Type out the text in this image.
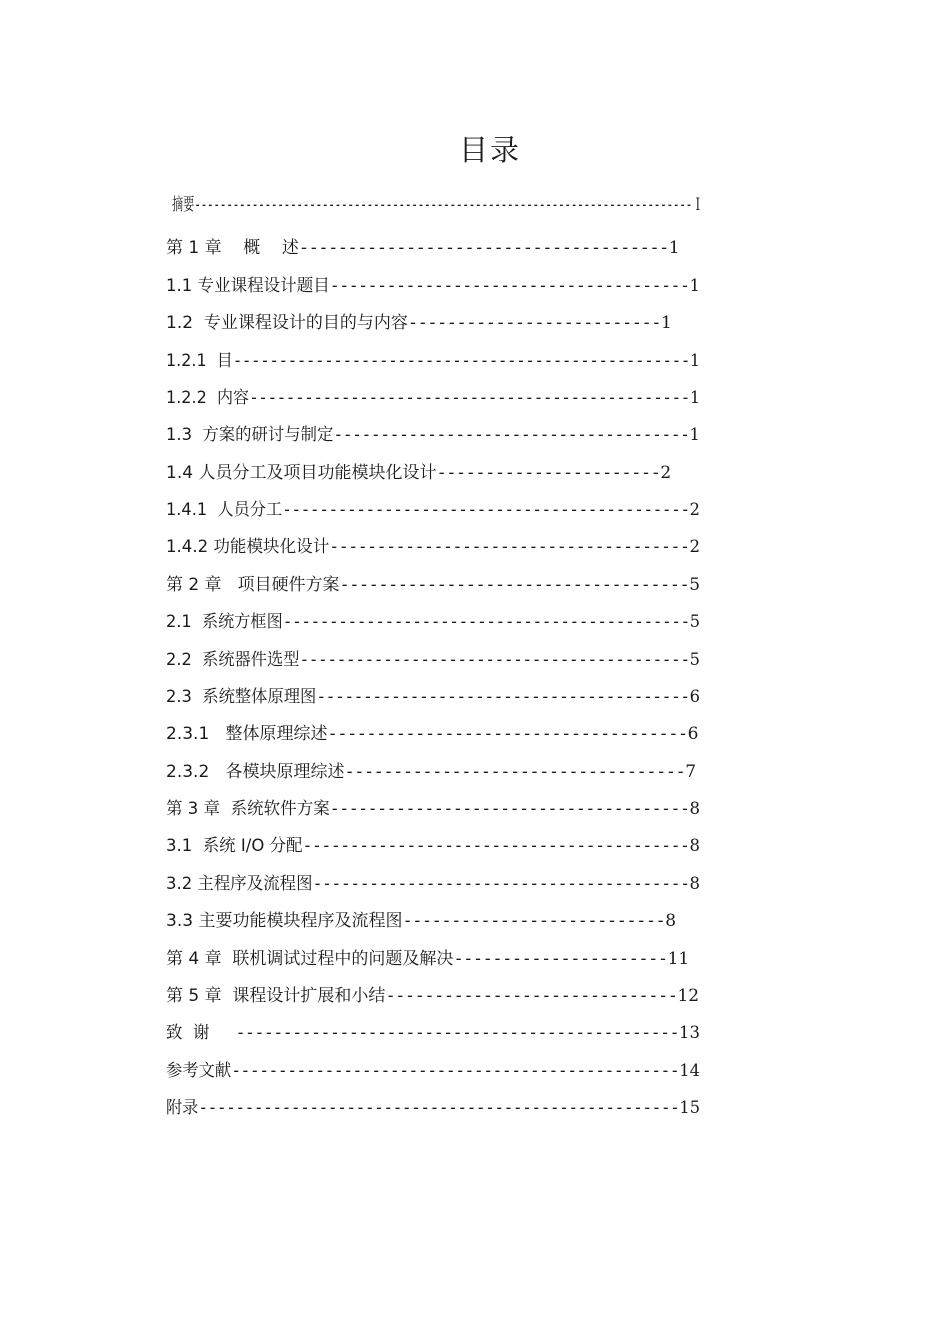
目录
摘要------------------------------------------------------------------------------ I
第 1 章    概    述--------------------------------------1
1.1 专业课程设计题目--------------------------------------1
1.2  专业课程设计的目的与内容--------------------------1
1.2.1  目--------------------------------------------------1
1.2.2  内容------------------------------------------------1
1.3  方案的研讨与制定--------------------------------------1
1.4 人员分工及项目功能模块化设计-----------------------2
1.4.1  人员分工--------------------------------------------2
1.4.2 功能模块化设计--------------------------------------2
第 2 章   项目硬件方案------------------------------------5
2.1  系统方框图--------------------------------------------5
2.2  系统器件选型------------------------------------------5
2.3  系统整体原理图----------------------------------------6
2.3.1   整体原理综述-------------------------------------6
2.3.2   各模块原理综述-----------------------------------7
第 3 章  系统软件方案--------------------------------------8
3.1  系统 I/O 分配-----------------------------------------8
3.2 主程序及流程图----------------------------------------8
3.3 主要功能模块程序及流程图---------------------------8
第 4 章  联机调试过程中的问题及解决----------------------11
第 5 章  课程设计扩展和小结------------------------------12
致  谢     -----------------------------------------------13
参考文献------------------------------------------------14
附录----------------------------------------------------15
